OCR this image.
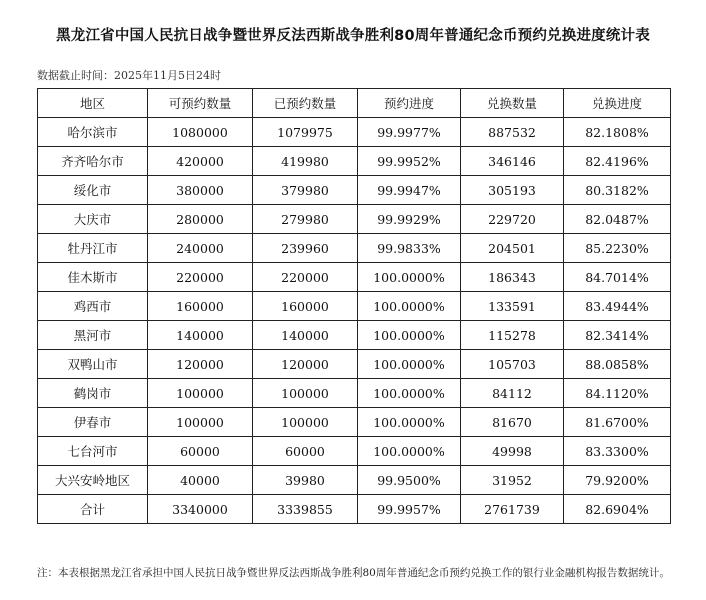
黑龙江省中国人民抗日战争暨世界反法西斯战争胜利80周年普通纪念币预约兑换进度统计表
数据截止时间：2025年11月5日24时
地区	可预约数量	已预约数量	预约进度	兑换数量	兑换进度
哈尔滨市	1080000	1079975	99.9977%	887532	82.1808%
齐齐哈尔市	420000	419980	99.9952%	346146	82.4196%
绥化市	380000	379980	99.9947%	305193	80.3182%
大庆市	280000	279980	99.9929%	229720	82.0487%
牡丹江市	240000	239960	99.9833%	204501	85.2230%
佳木斯市	220000	220000	100.0000%	186343	84.7014%
鸡西市	160000	160000	100.0000%	133591	83.4944%
黑河市	140000	140000	100.0000%	115278	82.3414%
双鸭山市	120000	120000	100.0000%	105703	88.0858%
鹤岗市	100000	100000	100.0000%	84112	84.1120%
伊春市	100000	100000	100.0000%	81670	81.6700%
七台河市	60000	60000	100.0000%	49998	83.3300%
大兴安岭地区	40000	39980	99.9500%	31952	79.9200%
合计	3340000	3339855	99.9957%	2761739	82.6904%
注：本表根据黑龙江省承担中国人民抗日战争暨世界反法西斯战争胜利80周年普通纪念币预约兑换工作的银行业金融机构报告数据统计。
